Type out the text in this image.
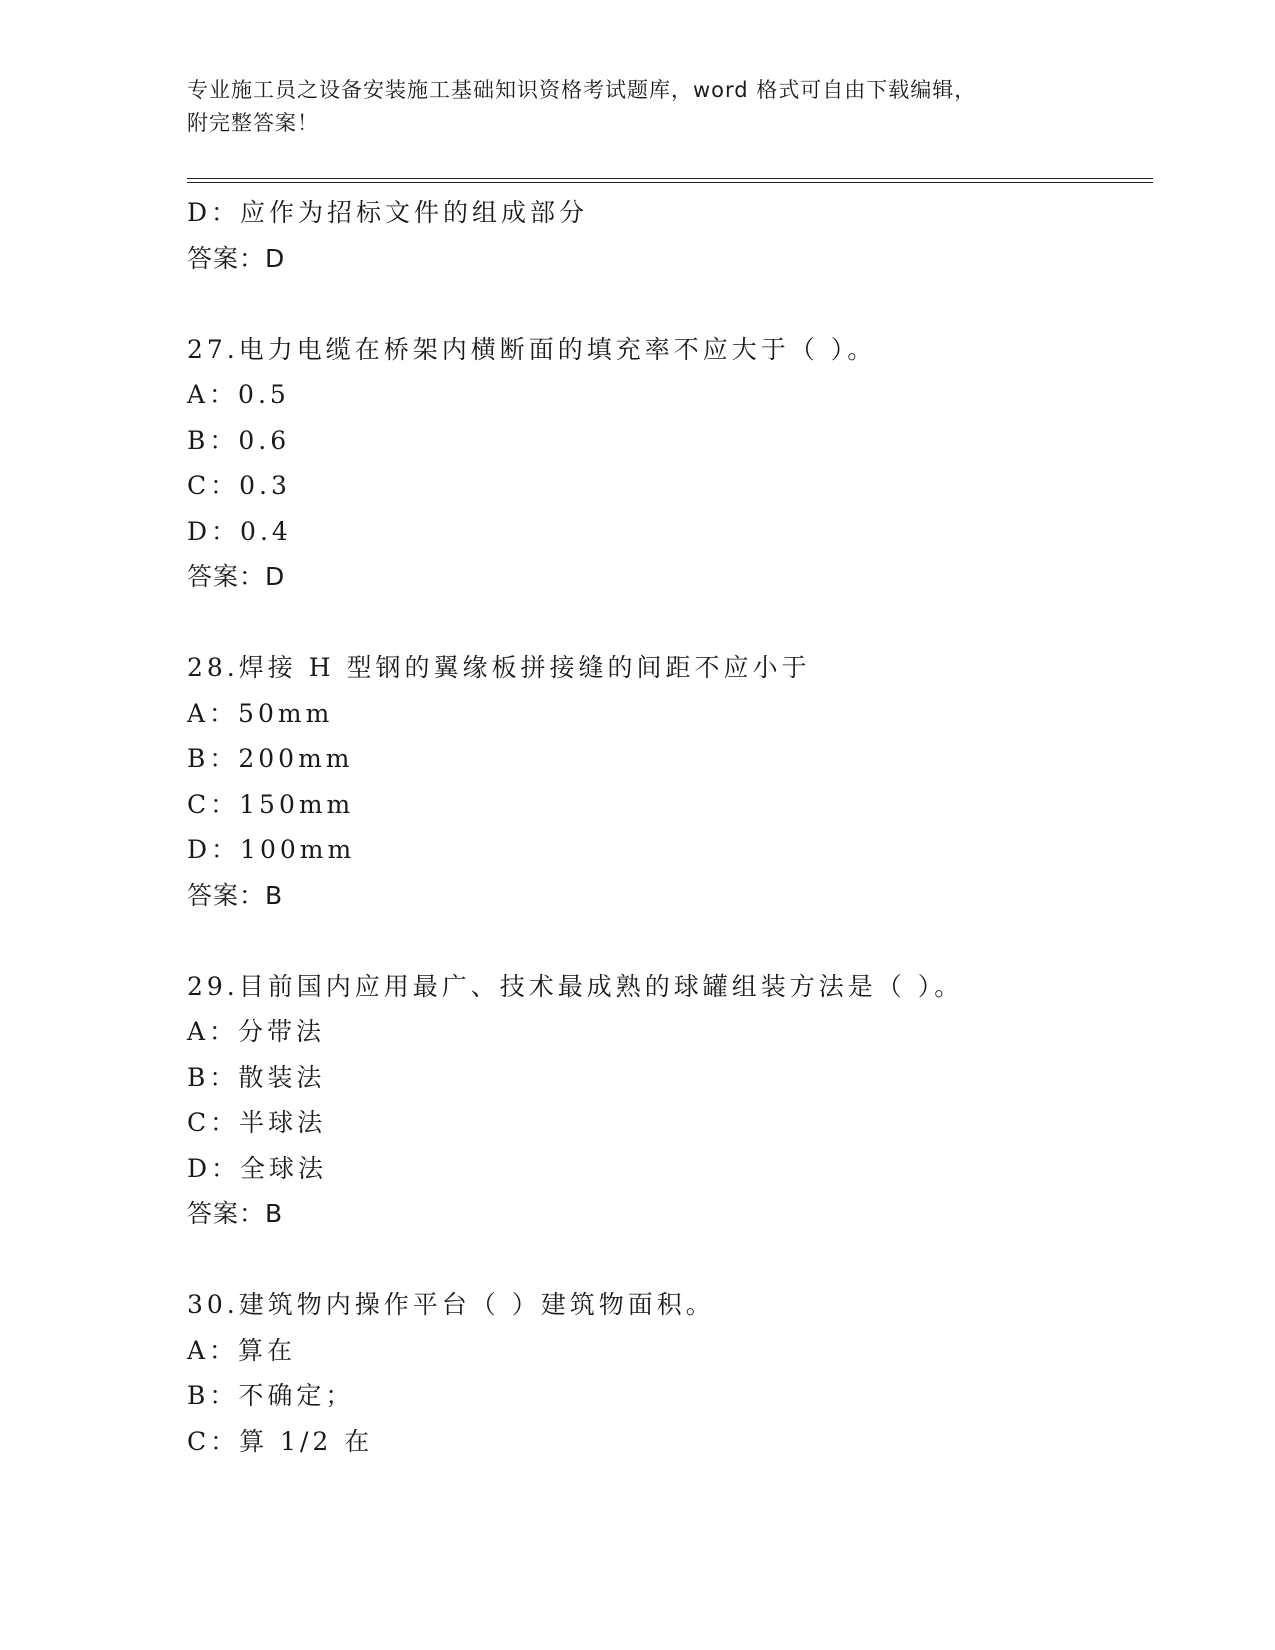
专业施工员之设备安装施工基础知识资格考试题库，word 格式可自由下载编辑，
附完整答案！
D：应作为招标文件的组成部分
答案：D
27.电力电缆在桥架内横断面的填充率不应大于（ ）。
A：0.5
B：0.6
C：0.3
D：0.4
答案：D
28.焊接 H 型钢的翼缘板拼接缝的间距不应小于
A：50mm
B：200mm
C：150mm
D：100mm
答案：B
29.目前国内应用最广、技术最成熟的球罐组装方法是（ ）。
A：分带法
B：散装法
C：半球法
D：全球法
答案：B
30.建筑物内操作平台（ ）建筑物面积。
A：算在
B：不确定；
C：算 1/2 在
